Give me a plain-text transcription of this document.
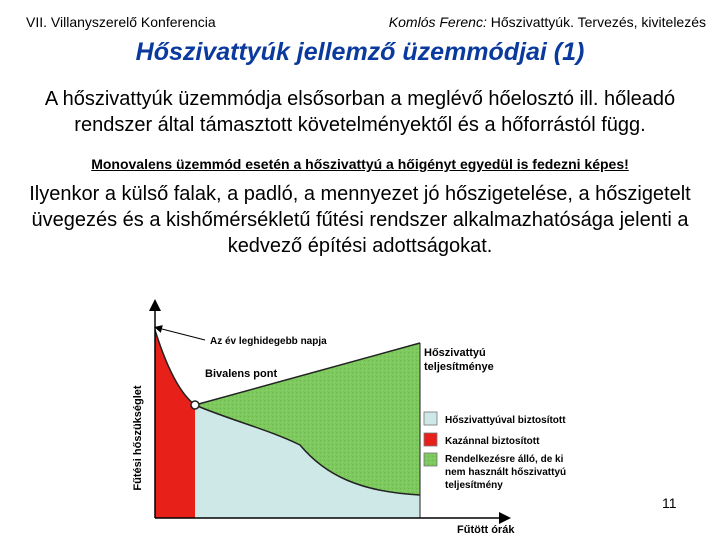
VII. Villanyszerelő Konferencia	Komlós Ferenc: Hőszivattyúk. Tervezés, kivitelezés
Hőszivattyúk jellemző üzemmódjai (1)
A hőszivattyúk üzemmódja elsősorban a meglévő hőelosztó ill. hőleadó rendszer által támasztott követelményektől és a hőforrástól függ.
Monovalens üzemmód esetén a hőszivattyú a hőigényt egyedül is fedezni képes!
Ilyenkor a külső falak, a padló, a mennyezet jó hőszigetelése, a hőszigetelt üvegezés és a kishőmérsékletű fűtési rendszer alkalmazhatósága jelenti a kedvező építési adottságokat.
Az év leghidegebb napja
Bivalens pont
Hőszivattyú
teljesítménye
Fűtési hőszükséglet
Fűtött órák
Hőszivattyúval biztosított
Kazánnal biztosított
Rendelkezésre álló, de ki
nem használt hőszivattyú
teljesítmény
11
